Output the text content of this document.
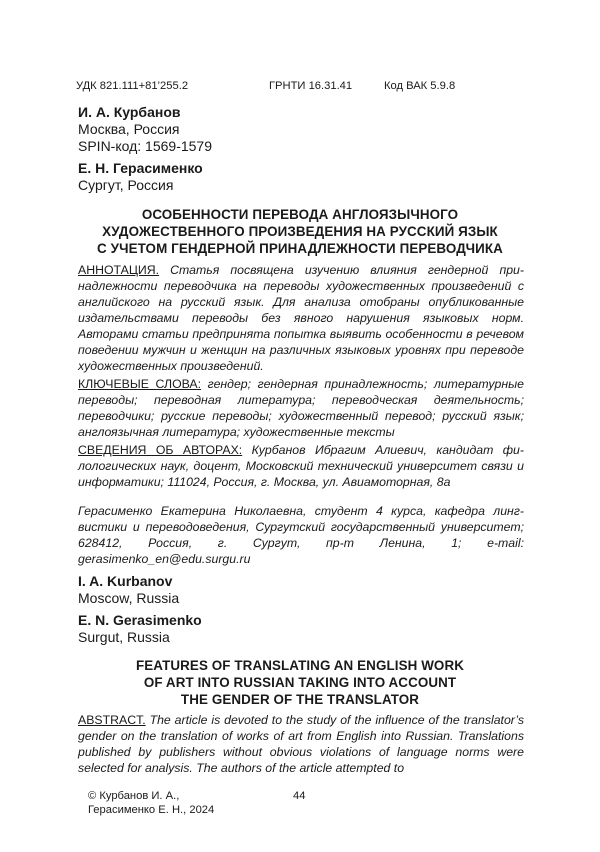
УДК 821.111+81’255.2	ГРНТИ 16.31.41	Код ВАК 5.9.8
И. А. Курбанов
Москва, Россия
SPIN-код: 1569-1579
Е. Н. Герасименко
Сургут, Россия
ОСОБЕННОСТИ ПЕРЕВОДА АНГЛОЯЗЫЧНОГО
ХУДОЖЕСТВЕННОГО ПРОИЗВЕДЕНИЯ НА РУССКИЙ ЯЗЫК
С УЧЕТОМ ГЕНДЕРНОЙ ПРИНАДЛЕЖНОСТИ ПЕРЕВОДЧИКА
АННОТАЦИЯ. Статья посвящена изучению влияния гендерной принадлежности переводчика на переводы художественных произведений с английского на русский язык. Для анализа отобраны опубликованные издательствами переводы без явного нарушения языковых норм. Авторами статьи предпринята попытка выявить особенности в речевом поведении мужчин и женщин на различных языковых уровнях при переводе художественных произведений.
КЛЮЧЕВЫЕ СЛОВА: гендер; гендерная принадлежность; литературные переводы; переводная литература; переводческая деятельность; переводчики; русские переводы; художественный перевод; русский язык; англоязычная литература; художественные тексты
СВЕДЕНИЯ ОБ АВТОРАХ: Курбанов Ибрагим Алиевич, кандидат филологических наук, доцент, Московский технический университет связи и информатики; 111024, Россия, г. Москва, ул. Авиамоторная, 8а
Герасименко Екатерина Николаевна, студент 4 курса, кафедра лингвистики и переводоведения, Сургутский государственный университет; 628412, Россия, г. Сургут, пр-т Ленина, 1; e-mail: gerasimenko_en@edu.surgu.ru
I. A. Kurbanov
Moscow, Russia
E. N. Gerasimenko
Surgut, Russia
FEATURES OF TRANSLATING AN ENGLISH WORK
OF ART INTO RUSSIAN TAKING INTO ACCOUNT
THE GENDER OF THE TRANSLATOR
ABSTRACT. The article is devoted to the study of the influence of the translator’s gender on the translation of works of art from English into Russian. Translations published by publishers without obvious violations of language norms were selected for analysis. The authors of the article attempted to
© Курбанов И. А.,
Герасименко Е. Н., 2024
44
